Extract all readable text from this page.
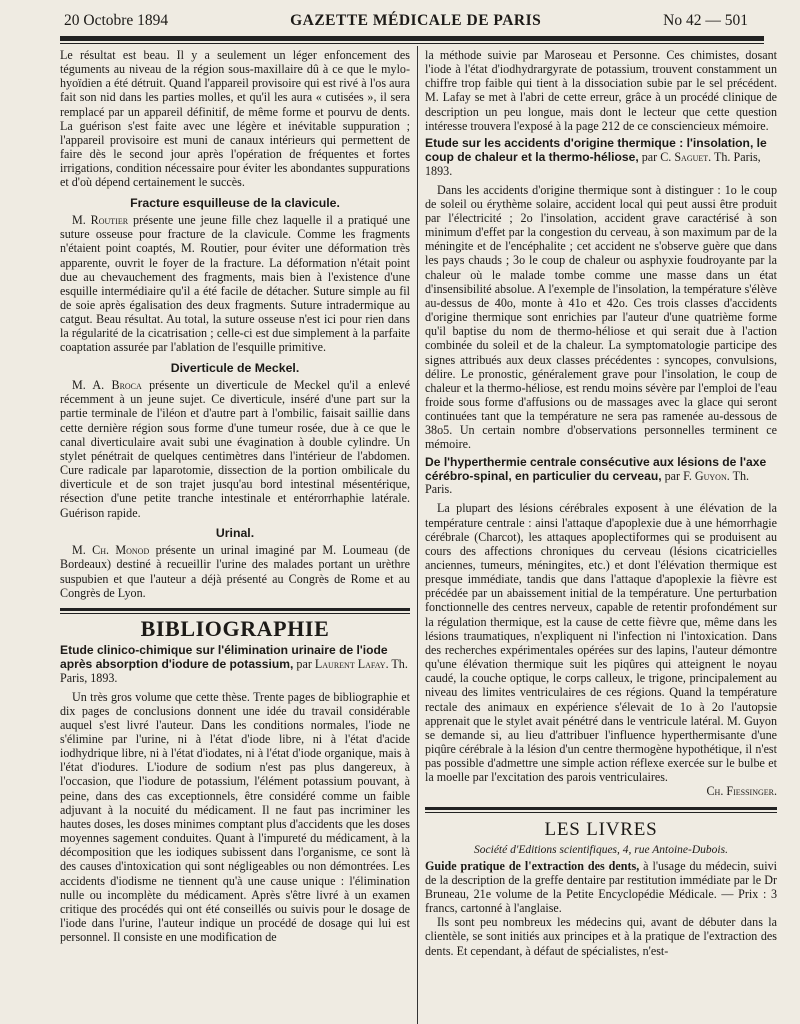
20 Octobre 1894	GAZETTE MÉDICALE DE PARIS	No 42 — 501

Le résultat est beau. Il y a seulement un léger enfoncement des téguments au niveau de la région sous-maxillaire dû à ce que le mylo-hyoïdien a été détruit. Quand l'appareil provisoire qui est rivé à l'os aura fait son nid dans les parties molles, et qu'il les aura « cutisées », il sera remplacé par un appareil définitif, de même forme et pourvu de dents. La guérison s'est faite avec une légère et inévitable suppuration ; l'appareil provisoire est muni de canaux intérieurs qui permettent de faire dès le second jour après l'opération de fréquentes et fortes irrigations, condition nécessaire pour éviter les abondantes suppurations et d'où dépend certainement le succès.

Fracture esquilleuse de la clavicule.

M. Routier présente une jeune fille chez laquelle il a pratiqué une suture osseuse pour fracture de la clavicule. Comme les fragments n'étaient point coaptés, M. Routier, pour éviter une déformation très apparente, ouvrit le foyer de la fracture. La déformation n'était point due au chevauchement des fragments, mais bien à l'existence d'une esquille intermédiaire qu'il a été facile de détacher. Suture simple au fil de soie après égalisation des deux fragments. Suture intradermique au catgut. Beau résultat. Au total, la suture osseuse n'est ici pour rien dans la régularité de la cicatrisation ; celle-ci est due simplement à la parfaite coaptation assurée par l'ablation de l'esquille primitive.

Diverticule de Meckel.

M. A. Broca présente un diverticule de Meckel qu'il a enlevé récemment à un jeune sujet. Ce diverticule, inséré d'une part sur la partie terminale de l'iléon et d'autre part à l'ombilic, faisait saillie dans cette dernière région sous forme d'une tumeur rosée, due à ce que le canal diverticulaire avait subi une évagination à double cylindre. Un stylet pénétrait de quelques centimètres dans l'intérieur de l'abdomen. Cure radicale par laparotomie, dissection de la portion ombilicale du diverticule et de son trajet jusqu'au bord intestinal mésentérique, résection d'une petite tranche intestinale et entérorrhaphie latérale. Guérison rapide.

Urinal.

M. Ch. Monod présente un urinal imaginé par M. Loumeau (de Bordeaux) destiné à recueillir l'urine des malades portant un urèthre suspubien et que l'auteur a déjà présenté au Congrès de Rome et au Congrès de Lyon.

BIBLIOGRAPHIE
Etude clinico-chimique sur l'élimination urinaire de l'iode après absorption d'iodure de potassium, par Laurent Lafay. Th. Paris, 1893.

Un très gros volume que cette thèse. Trente pages de bibliographie et dix pages de conclusions donnent une idée du travail considérable auquel s'est livré l'auteur. Dans les conditions normales, l'iode ne s'élimine par l'urine, ni à l'état d'iode libre, ni à l'état d'acide iodhydrique libre, ni à l'état d'iodates, ni à l'état d'iode organique, mais à l'état d'iodures. L'iodure de sodium n'est pas plus dangereux, à l'occasion, que l'iodure de potassium, l'élément potassium pouvant, à peine, dans des cas exceptionnels, être considéré comme un faible adjuvant à la nocuité du médicament. Il ne faut pas incriminer les hautes doses, les doses minimes comptant plus d'accidents que les doses moyennes sagement conduites. Quant à l'impureté du médicament, à la décomposition que les iodiques subissent dans l'organisme, ce sont là des causes d'intoxication qui sont négligeables ou non démontrées. Les accidents d'iodisme ne tiennent qu'à une cause unique : l'élimination nulle ou incomplète du médicament. Après s'être livré à un examen critique des procédés qui ont été conseillés ou suivis pour le dosage de l'iode dans l'urine, l'auteur indique un procédé de dosage qui lui est personnel. Il consiste en une modification de

la méthode suivie par Maroseau et Personne. Ces chimistes, dosant l'iode à l'état d'iodhydrargyrate de potassium, trouvent constamment un chiffre trop faible qui tient à la dissociation subie par le sel précédent. M. Lafay se met à l'abri de cette erreur, grâce à un procédé clinique de description un peu longue, mais dont le lecteur que cette question intéresse trouvera l'exposé à la page 212 de ce consciencieux mémoire.

Etude sur les accidents d'origine thermique : l'insolation, le coup de chaleur et la thermo-héliose, par C. Saguet. Th. Paris, 1893.

Dans les accidents d'origine thermique sont à distinguer : 1o le coup de soleil ou érythème solaire, accident local qui peut aussi être produit par l'électricité ; 2o l'insolation, accident grave caractérisé à son minimum d'effet par la congestion du cerveau, à son maximum par de la méningite et de l'encéphalite ; cet accident ne s'observe guère que dans les pays chauds ; 3o le coup de chaleur ou asphyxie foudroyante par la chaleur où le malade tombe comme une masse dans un état d'insensibilité absolue. A l'exemple de l'insolation, la température s'élève au-dessus de 40o, monte à 41o et 42o. Ces trois classes d'accidents d'origine thermique sont enrichies par l'auteur d'une quatrième forme qu'il baptise du nom de thermo-héliose et qui serait due à l'action combinée du soleil et de la chaleur. La symptomatologie participe des signes attribués aux deux classes précédentes : syncopes, convulsions, délire. Le pronostic, généralement grave pour l'insolation, le coup de chaleur et la thermo-héliose, est rendu moins sévère par l'emploi de l'eau froide sous forme d'affusions ou de massages avec la glace qui seront continuées tant que la température ne sera pas ramenée au-dessous de 38o5. Un certain nombre d'observations personnelles terminent ce mémoire.

De l'hyperthermie centrale consécutive aux lésions de l'axe cérébro-spinal, en particulier du cerveau, par F. Guyon. Th. Paris.

La plupart des lésions cérébrales exposent à une élévation de la température centrale : ainsi l'attaque d'apoplexie due à une hémorrhagie cérébrale (Charcot), les attaques apoplectiformes qui se produisent au cours des affections chroniques du cerveau (lésions cicatricielles anciennes, tumeurs, méningites, etc.) et dont l'élévation thermique est presque immédiate, tandis que dans l'attaque d'apoplexie la fièvre est précédée par un abaissement initial de la température. Une perturbation fonctionnelle des centres nerveux, capable de retentir profondément sur la régulation thermique, est la cause de cette fièvre que, même dans les lésions traumatiques, n'expliquent ni l'infection ni l'intoxication. Dans des recherches expérimentales opérées sur des lapins, l'auteur démontre qu'une élévation thermique suit les piqûres qui atteignent le noyau caudé, la couche optique, le corps calleux, le trigone, principalement au niveau des limites ventriculaires de ces régions. Quand la température rectale des animaux en expérience s'élevait de 1o à 2o l'autopsie apprenait que le stylet avait pénétré dans le ventricule latéral. M. Guyon se demande si, au lieu d'attribuer l'influence hyperthermisante d'une piqûre cérébrale à la lésion d'un centre thermogène hypothétique, il n'est pas possible d'admettre une simple action réflexe exercée sur le bulbe et la moelle par l'excitation des parois ventriculaires.

Ch. Fiessinger.

LES LIVRES
Société d'Editions scientifiques, 4, rue Antoine-Dubois.

Guide pratique de l'extraction des dents, à l'usage du médecin, suivi de la description de la greffe dentaire par restitution immédiate par le Dr Bruneau, 21e volume de la Petite Encyclopédie Médicale. — Prix : 3 francs, cartonné à l'anglaise.

Ils sont peu nombreux les médecins qui, avant de débuter dans la clientèle, se sont initiés aux principes et à la pratique de l'extraction des dents. Et cependant, à défaut de spécialistes, n'est-
